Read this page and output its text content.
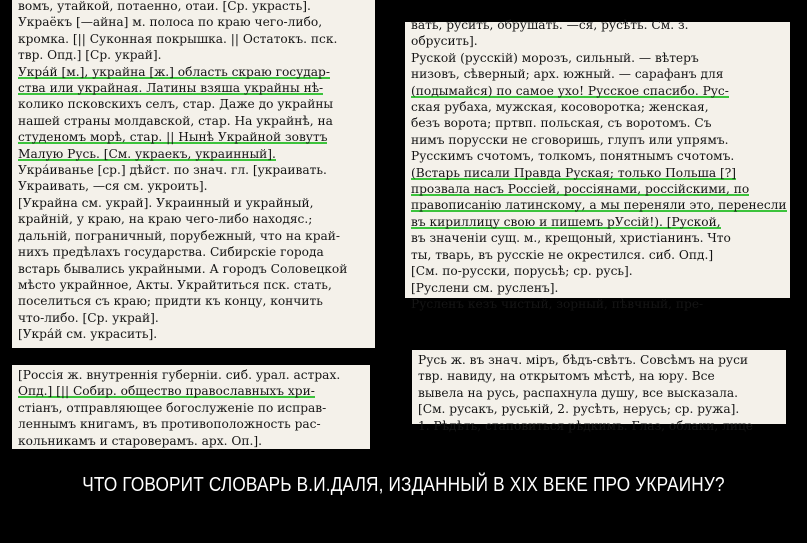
вомъ, утайкой, потаенно, отаи. [Ср. украсть].
Украёкъ [—айна] м. полоса по краю чего-либо,
кромка. [|| Суконная покрышка. || Остатокъ. пск.
твр. Опд.] [Ср. украй].
Укра́й [м.], украйна [ж.] область скраю государ-
ства или украйная. Латины взяша украйны нѣ-
колико псковскихъ селъ, стар. Даже до украйны
нашей страны молдавской, стар. На украйнѣ, на
студеномъ морѣ, стар. || Нынѣ Украйной зовутъ
Малую Русь. [См. украекъ, украинный].
Укра́иванье [ср.] дѣйст. по знач. гл. [украивать.
Украивать, —ся см. укроить].
[Украйна см. украй]. Украинный и украйный,
крайній, у краю, на краю чего-либо находяс.;
дальній, пограничный, порубежный, что на край-
нихъ предѣлахъ государства. Сибирскіе города
встарь бывались украйными. А городъ Соловецкой
мѣсто украйнное, Акты. Украйтиться пск. стать,
поселиться съ краю; придти къ концу, кончить
что-либо. [Ср. украй].
[Укра́й см. украсить].
вать, русить, обрушать. —ся, русѣть. См. з.
обрусить].
Руской (русскій) морозъ, сильный. — вѣтеръ
низовъ, сѣверный; арх. южный. — сарафанъ для
(подымайся) по самое ухо! Русское спасибо. Рус-
ская рубаха, мужская, косоворотка; женская,
безъ ворота; пртвп. польская, съ воротомъ. Съ
нимъ порусски не сговоришь, глупъ или упрямъ.
Русскимъ счотомъ, толкомъ, понятнымъ счотомъ.
(Встарь писали Правда Руская; только Польша [?]
прозвала насъ Россіей, россіянами, россійскими, по
правописанію латинскому, а мы переняли это, перенесли
въ кириллицу свою и пишемъ рУссій!). [Руской,
въ значеніи сущ. м., крещоный, христіанинъ. Что
ты, тварь, въ русскіе не окрестился. сиб. Опд.]
[См. по-русски, порусьѣ; ср. русь].
[Руслени см. русленъ].
Русленъ кезъ чистый, зорный, пѣвчный, пре-
[Россія ж. внутреннія губерніи. сиб. урал. астрах.
Опд.] [|| Собир. общество православныхъ хри-
стіанъ, отправляющее богослуженіе по исправ-
леннымъ книгамъ, въ противоположность рас-
кольникамъ и староверамъ. арх. Оп.].
Русь ж. въ знач. міръ, бѣдъ-свѣтъ. Совсѣмъ на руси
твр. навиду, на открытомъ мѣстѣ, на юру. Все
вывела на русь, распахнула душу, все высказала.
[См. русакъ, руській, 2. русѣть, нерусь; ср. ружа].
1. Рѣдѣть, стаповиться рѣдкимъ. Глаз, облаки, лице
ЧТО ГОВОРИТ СЛОВАРЬ В.И.ДАЛЯ, ИЗДАННЫЙ В XIX ВЕКЕ ПРО УКРАИНУ?
